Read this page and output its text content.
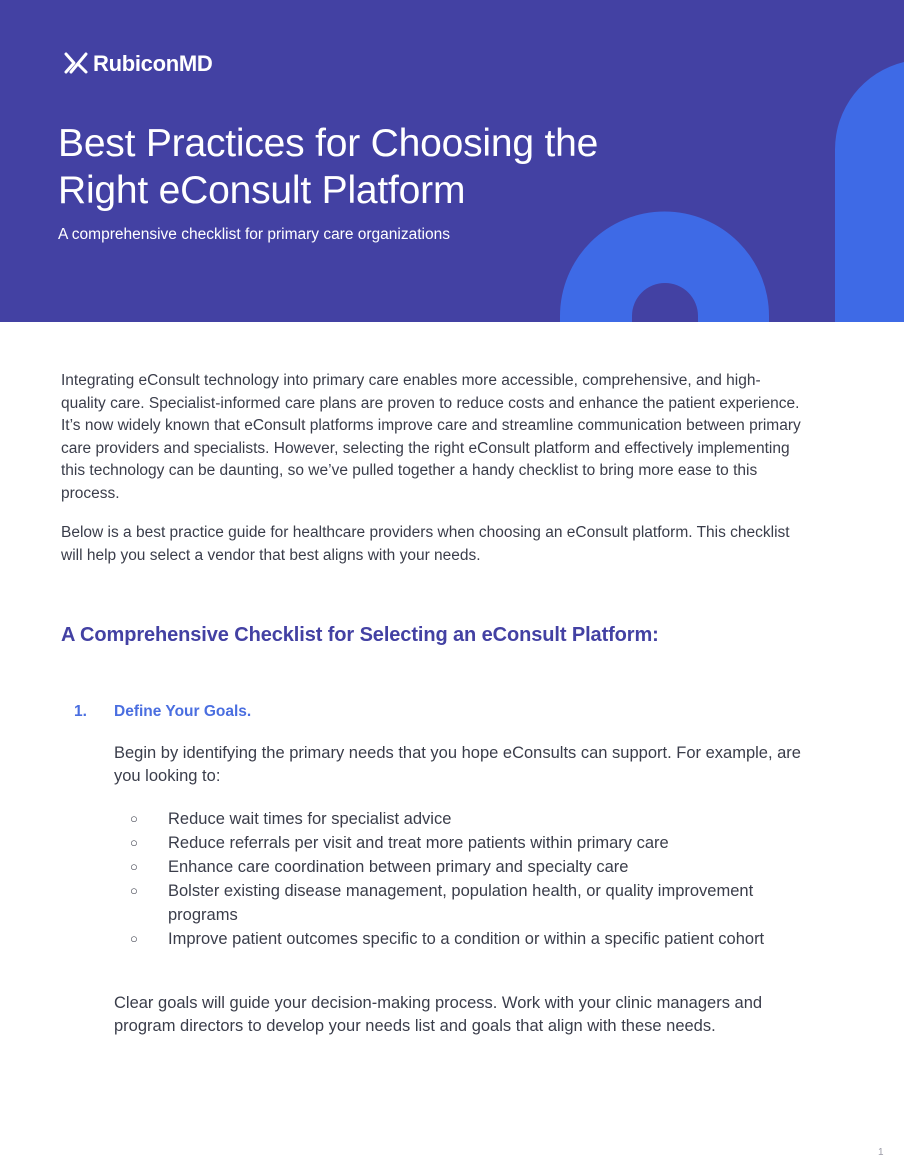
RubiconMD
Best Practices for Choosing the
Right eConsult Platform

A comprehensive checklist for primary care organizations

Integrating eConsult technology into primary care enables more accessible, comprehensive, and high-quality care. Specialist-informed care plans are proven to reduce costs and enhance the patient experience. It’s now widely known that eConsult platforms improve care and streamline communication between primary care providers and specialists. However, selecting the right eConsult platform and effectively implementing this technology can be daunting, so we’ve pulled together a handy checklist to bring more ease to this process.

Below is a best practice guide for healthcare providers when choosing an eConsult platform. This checklist will help you select a vendor that best aligns with your needs.

A Comprehensive Checklist for Selecting an eConsult Platform:
1. Define Your Goals.

Begin by identifying the primary needs that you hope eConsults can support. For example, are you looking to:

○ Reduce wait times for specialist advice
○ Reduce referrals per visit and treat more patients within primary care
○ Enhance care coordination between primary and specialty care
○ Bolster existing disease management, population health, or quality improvement programs
○ Improve patient outcomes specific to a condition or within a specific patient cohort

Clear goals will guide your decision-making process. Work with your clinic managers and program directors to develop your needs list and goals that align with these needs.

1
